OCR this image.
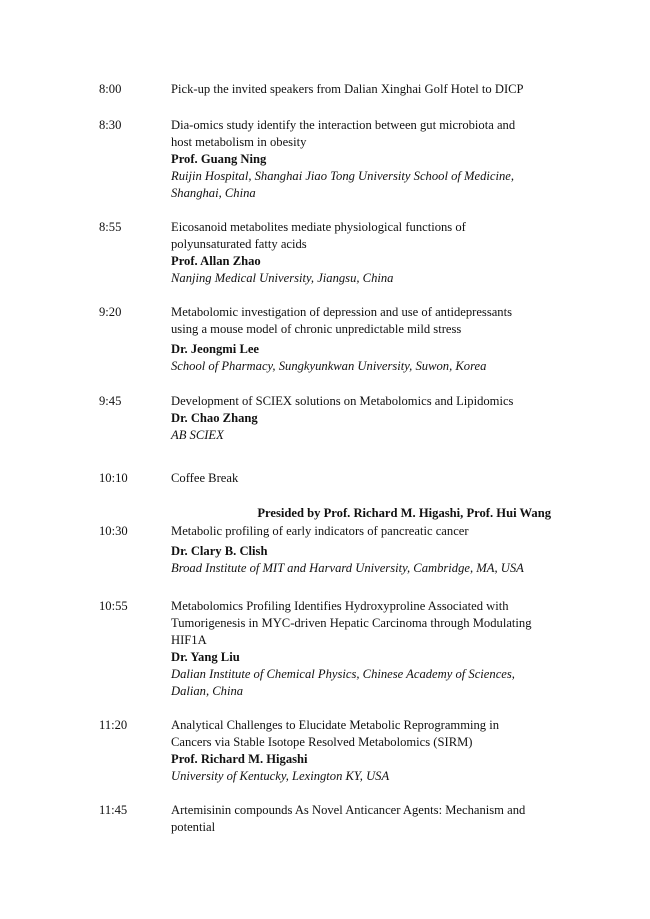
8:00	Pick-up the invited speakers from Dalian Xinghai Golf Hotel to DICP
8:30	Dia-omics study identify the interaction between gut microbiota and
host metabolism in obesity
Prof. Guang Ning
Ruijin Hospital, Shanghai Jiao Tong University School of Medicine,
Shanghai, China
8:55	Eicosanoid metabolites mediate physiological functions of
polyunsaturated fatty acids
Prof. Allan Zhao
Nanjing Medical University, Jiangsu, China
9:20	Metabolomic investigation of depression and use of antidepressants
using a mouse model of chronic unpredictable mild stress
Dr. Jeongmi Lee
School of Pharmacy, Sungkyunkwan University, Suwon, Korea
9:45	Development of SCIEX solutions on Metabolomics and Lipidomics
Dr. Chao Zhang
AB SCIEX
10:10	Coffee Break
Presided by Prof. Richard M. Higashi, Prof. Hui Wang
10:30	Metabolic profiling of early indicators of pancreatic cancer
Dr. Clary B. Clish
Broad Institute of MIT and Harvard University, Cambridge, MA, USA
10:55	Metabolomics Profiling Identifies Hydroxyproline Associated with
Tumorigenesis in MYC-driven Hepatic Carcinoma through Modulating
HIF1A
Dr. Yang Liu
Dalian Institute of Chemical Physics, Chinese Academy of Sciences,
Dalian, China
11:20	Analytical Challenges to Elucidate Metabolic Reprogramming in
Cancers via Stable Isotope Resolved Metabolomics (SIRM)
Prof. Richard M. Higashi
University of Kentucky, Lexington KY, USA
11:45	Artemisinin compounds As Novel Anticancer Agents: Mechanism and
potential
